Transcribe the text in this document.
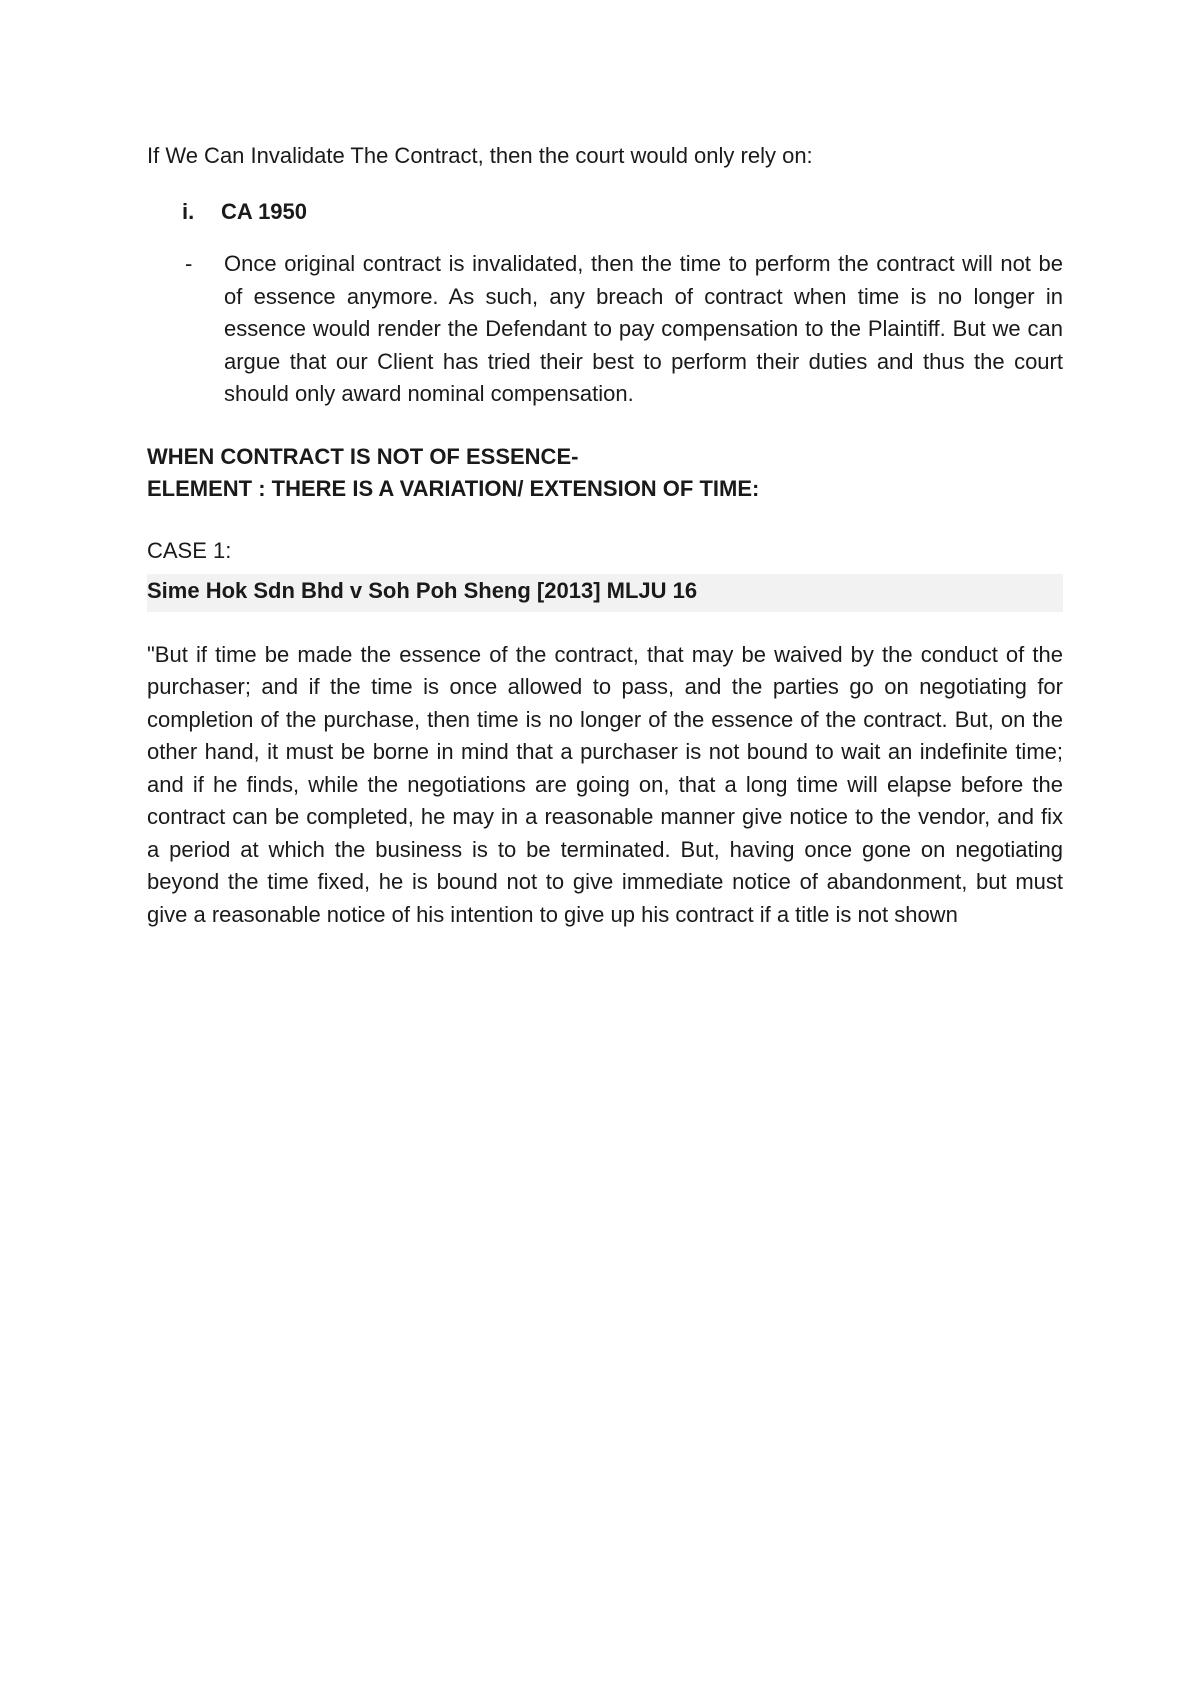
If We Can Invalidate The Contract, then the court would only rely on:

i.	CA 1950
-	Once original contract is invalidated, then the time to perform the contract will not be of essence anymore. As such, any breach of contract when time is no longer in essence would render the Defendant to pay compensation to the Plaintiff. But we can argue that our Client has tried their best to perform their duties and thus the court should only award nominal compensation.
WHEN CONTRACT IS NOT OF ESSENCE-
ELEMENT : THERE IS A VARIATION/ EXTENSION OF TIME:
CASE 1:
Sime Hok Sdn Bhd v Soh Poh Sheng [2013] MLJU 16
"But if time be made the essence of the contract, that may be waived by the conduct of the purchaser; and if the time is once allowed to pass, and the parties go on negotiating for completion of the purchase, then time is no longer of the essence of the contract. But, on the other hand, it must be borne in mind that a purchaser is not bound to wait an indefinite time; and if he finds, while the negotiations are going on, that a long time will elapse before the contract can be completed, he may in a reasonable manner give notice to the vendor, and fix a period at which the business is to be terminated. But, having once gone on negotiating beyond the time fixed, he is bound not to give immediate notice of abandonment, but must give a reasonable notice of his intention to give up his contract if a title is not shown
